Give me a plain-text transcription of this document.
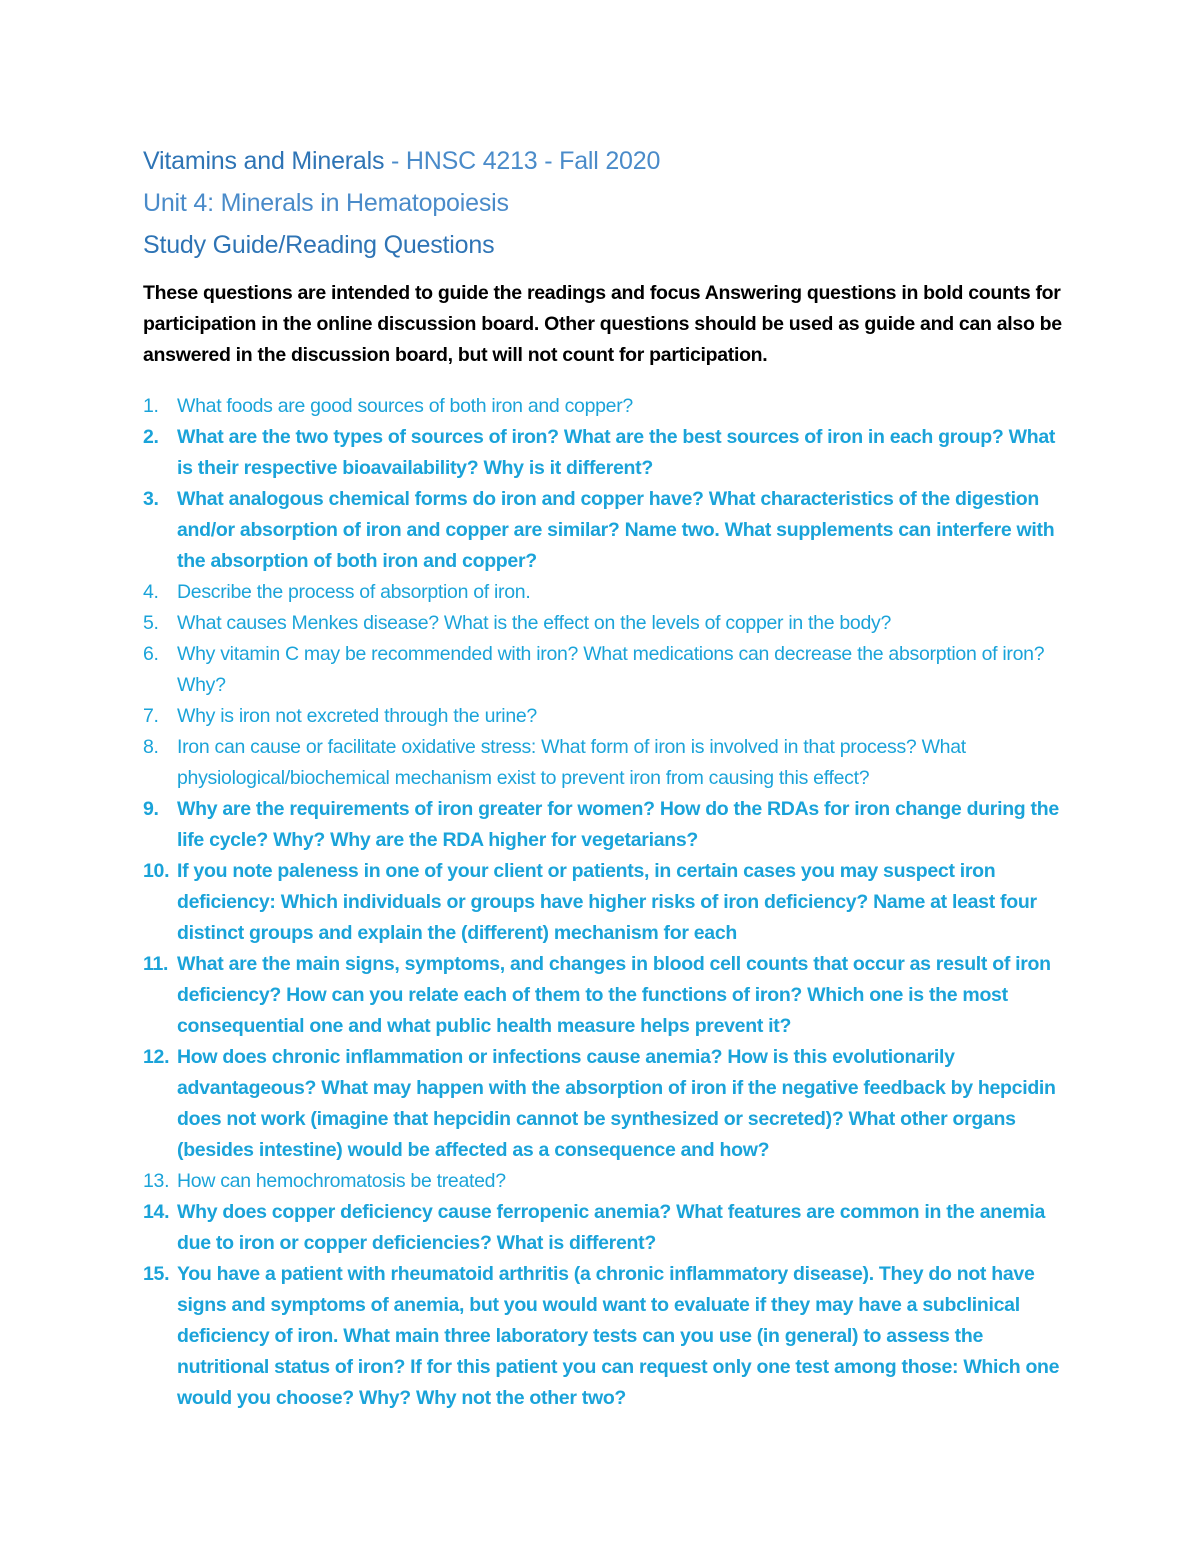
Vitamins and Minerals - HNSC 4213 - Fall 2020
Unit 4: Minerals in Hematopoiesis
Study Guide/Reading Questions

These questions are intended to guide the readings and focus Answering questions in bold counts for participation in the online discussion board. Other questions should be used as guide and can also be answered in the discussion board, but will not count for participation.

1. What foods are good sources of both iron and copper?
2. What are the two types of sources of iron? What are the best sources of iron in each group? What is their respective bioavailability? Why is it different?
3. What analogous chemical forms do iron and copper have? What characteristics of the digestion and/or absorption of iron and copper are similar? Name two. What supplements can interfere with the absorption of both iron and copper?
4. Describe the process of absorption of iron.
5. What causes Menkes disease? What is the effect on the levels of copper in the body?
6. Why vitamin C may be recommended with iron? What medications can decrease the absorption of iron? Why?
7. Why is iron not excreted through the urine?
8. Iron can cause or facilitate oxidative stress: What form of iron is involved in that process? What physiological/biochemical mechanism exist to prevent iron from causing this effect?
9. Why are the requirements of iron greater for women? How do the RDAs for iron change during the life cycle? Why? Why are the RDA higher for vegetarians?
10. If you note paleness in one of your client or patients, in certain cases you may suspect iron deficiency: Which individuals or groups have higher risks of iron deficiency? Name at least four distinct groups and explain the (different) mechanism for each
11. What are the main signs, symptoms, and changes in blood cell counts that occur as result of iron deficiency? How can you relate each of them to the functions of iron? Which one is the most consequential one and what public health measure helps prevent it?
12. How does chronic inflammation or infections cause anemia? How is this evolutionarily advantageous? What may happen with the absorption of iron if the negative feedback by hepcidin does not work (imagine that hepcidin cannot be synthesized or secreted)? What other organs (besides intestine) would be affected as a consequence and how?
13. How can hemochromatosis be treated?
14. Why does copper deficiency cause ferropenic anemia? What features are common in the anemia due to iron or copper deficiencies? What is different?
15. You have a patient with rheumatoid arthritis (a chronic inflammatory disease). They do not have signs and symptoms of anemia, but you would want to evaluate if they may have a subclinical deficiency of iron. What main three laboratory tests can you use (in general) to assess the nutritional status of iron? If for this patient you can request only one test among those: Which one would you choose? Why? Why not the other two?
